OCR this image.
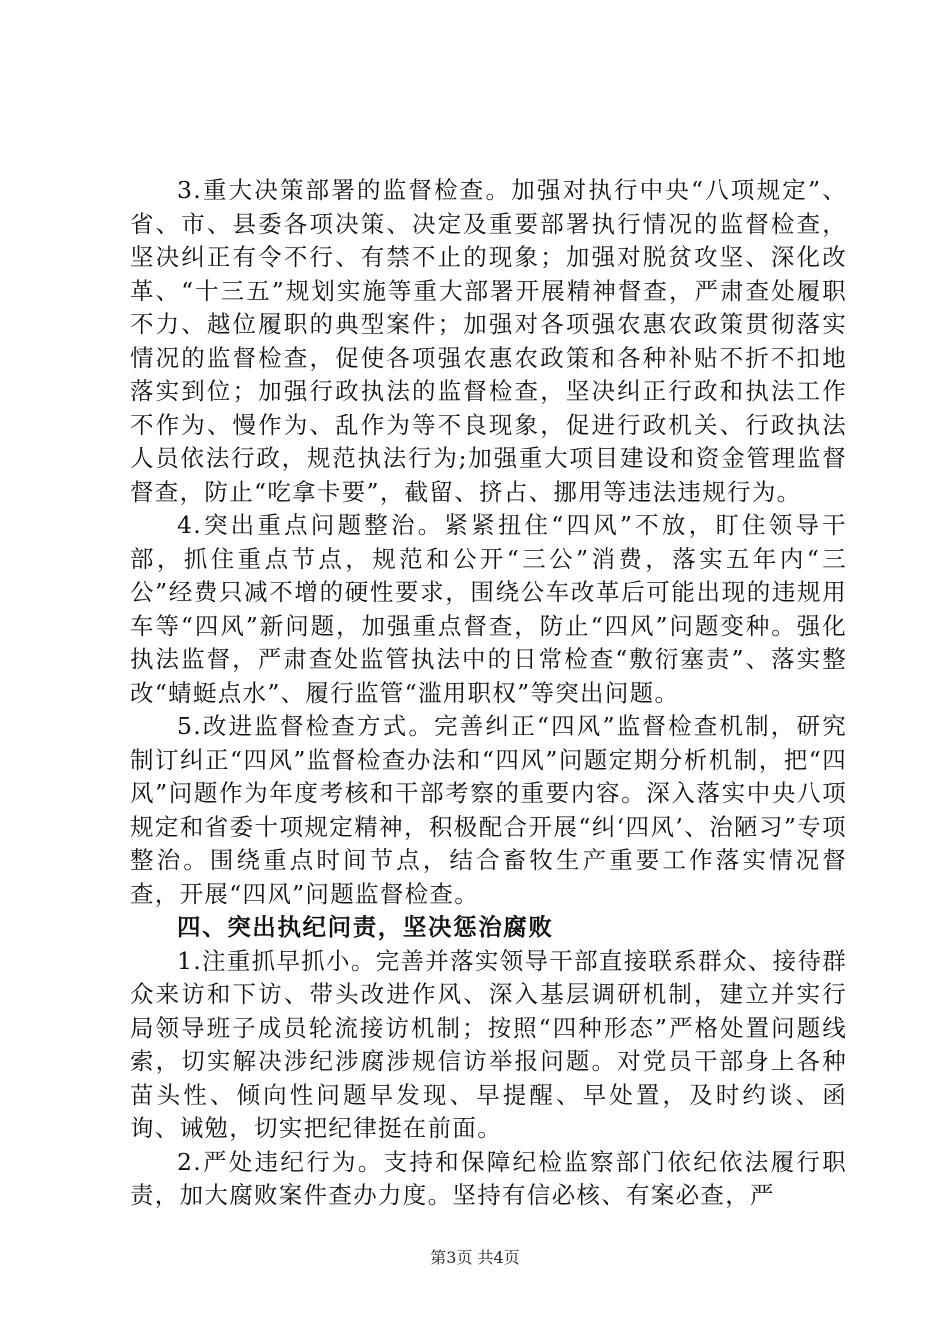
3.重大决策部署的监督检查。加强对执行中央“八项规定”、省、市、县委各项决策、决定及重要部署执行情况的监督检查，坚决纠正有令不行、有禁不止的现象；加强对脱贫攻坚、深化改革、“十三五”规划实施等重大部署开展精神督查，严肃查处履职不力、越位履职的典型案件；加强对各项强农惠农政策贯彻落实情况的监督检查，促使各项强农惠农政策和各种补贴不折不扣地落实到位；加强行政执法的监督检查，坚决纠正行政和执法工作不作为、慢作为、乱作为等不良现象，促进行政机关、行政执法人员依法行政，规范执法行为;加强重大项目建设和资金管理监督督查，防止“吃拿卡要”，截留、挤占、挪用等违法违规行为。

4.突出重点问题整治。紧紧扭住“四风”不放，盯住领导干部，抓住重点节点，规范和公开“三公”消费，落实五年内“三公”经费只减不增的硬性要求，围绕公车改革后可能出现的违规用车等“四风”新问题，加强重点督查，防止“四风”问题变种。强化执法监督，严肃查处监管执法中的日常检查“敷衍塞责”、落实整改“蜻蜓点水”、履行监管“滥用职权”等突出问题。

5.改进监督检查方式。完善纠正“四风”监督检查机制，研究制订纠正“四风”监督检查办法和“四风”问题定期分析机制，把“四风”问题作为年度考核和干部考察的重要内容。深入落实中央八项规定和省委十项规定精神，积极配合开展“纠‘四风’、治陋习”专项整治。围绕重点时间节点，结合畜牧生产重要工作落实情况督查，开展“四风”问题监督检查。

四、突出执纪问责，坚决惩治腐败

1.注重抓早抓小。完善并落实领导干部直接联系群众、接待群众来访和下访、带头改进作风、深入基层调研机制，建立并实行局领导班子成员轮流接访机制；按照“四种形态”严格处置问题线索，切实解决涉纪涉腐涉规信访举报问题。对党员干部身上各种苗头性、倾向性问题早发现、早提醒、早处置，及时约谈、函询、诫勉，切实把纪律挺在前面。

2.严处违纪行为。支持和保障纪检监察部门依纪依法履行职责，加大腐败案件查办力度。坚持有信必核、有案必查，严

第3页 共4页
